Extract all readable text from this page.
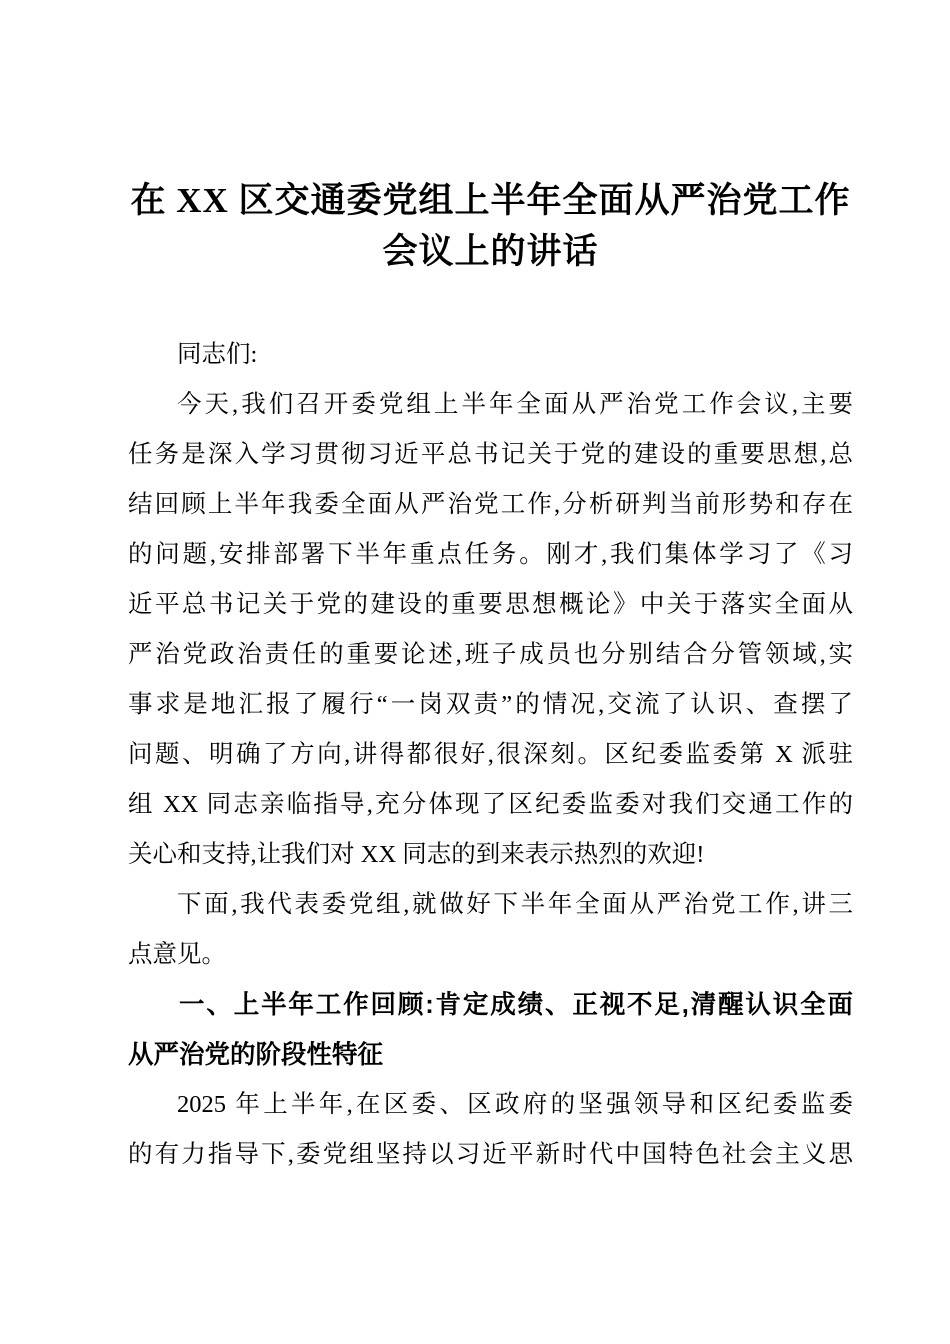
在 XX 区交通委党组上半年全面从严治党工作
会议上的讲话
同志们:
今天,我们召开委党组上半年全面从严治党工作会议,主要
任务是深入学习贯彻习近平总书记关于党的建设的重要思想,总
结回顾上半年我委全面从严治党工作,分析研判当前形势和存在
的问题,安排部署下半年重点任务。刚才,我们集体学习了《习
近平总书记关于党的建设的重要思想概论》中关于落实全面从
严治党政治责任的重要论述,班子成员也分别结合分管领域,实
事求是地汇报了履行“一岗双责”的情况,交流了认识、查摆了
问题、明确了方向,讲得都很好,很深刻。区纪委监委第 X 派驻
组 XX 同志亲临指导,充分体现了区纪委监委对我们交通工作的
关心和支持,让我们对 XX 同志的到来表示热烈的欢迎!
下面,我代表委党组,就做好下半年全面从严治党工作,讲三
点意见。
一、上半年工作回顾:肯定成绩、正视不足,清醒认识全面
从严治党的阶段性特征
2025 年上半年,在区委、区政府的坚强领导和区纪委监委
的有力指导下,委党组坚持以习近平新时代中国特色社会主义思
